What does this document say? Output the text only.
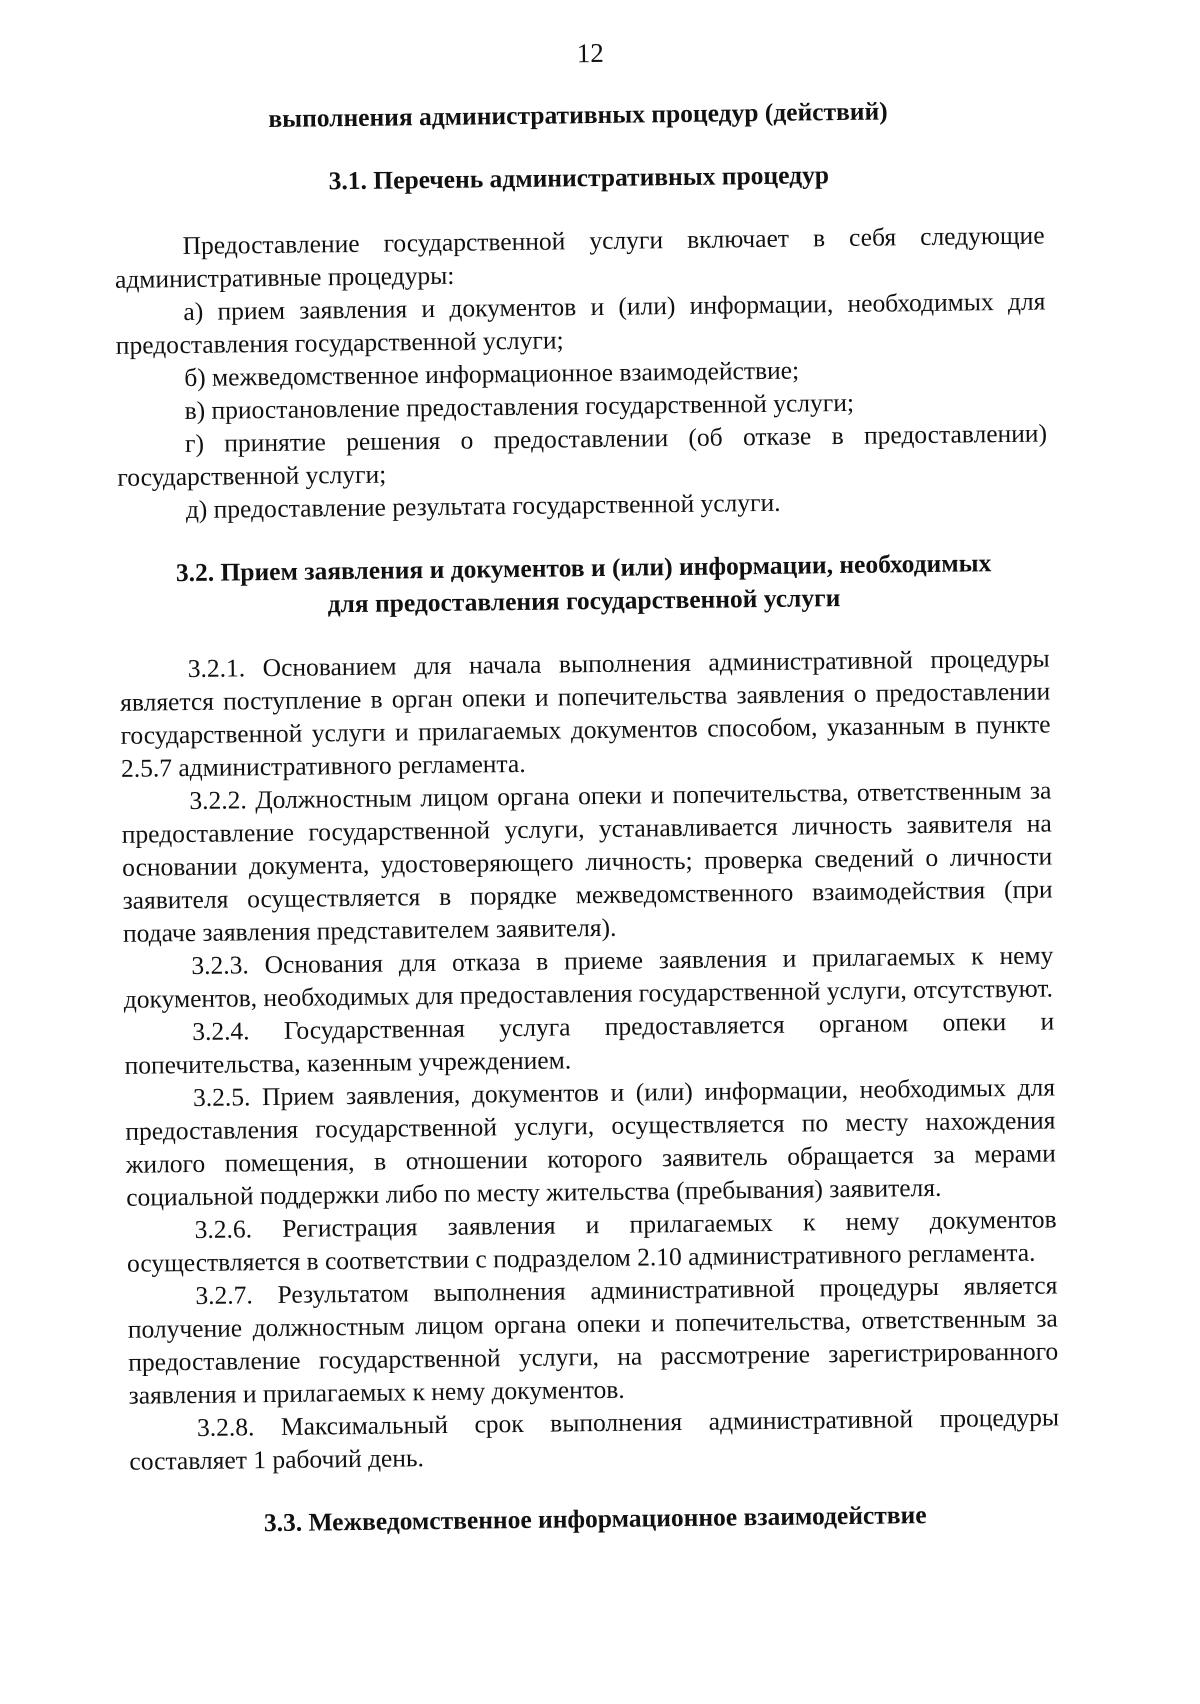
12
выполнения административных процедур (действий)
3.1. Перечень административных процедур

Предоставление государственной услуги включает в себя следующие административные процедуры:

а) прием заявления и документов и (или) информации, необходимых для предоставления государственной услуги;

б) межведомственное информационное взаимодействие;

в) приостановление предоставления государственной услуги;

г) принятие решения о предоставлении (об отказе в предоставлении) государственной услуги;

д) предоставление результата государственной услуги.

3.2. Прием заявления и документов и (или) информации, необходимых
для предоставления государственной услуги

3.2.1. Основанием для начала выполнения административной процедуры является поступление в орган опеки и попечительства заявления о предоставлении государственной услуги и прилагаемых документов способом, указанным в пункте 2.5.7 административного регламента.

3.2.2. Должностным лицом органа опеки и попечительства, ответственным за предоставление государственной услуги, устанавливается личность заявителя на основании документа, удостоверяющего личность; проверка сведений о личности заявителя осуществляется в порядке межведомственного взаимодействия (при подаче заявления представителем заявителя).

3.2.3. Основания для отказа в приеме заявления и прилагаемых к нему документов, необходимых для предоставления государственной услуги, отсутствуют.

3.2.4. Государственная услуга предоставляется органом опеки и попечительства, казенным учреждением.

3.2.5. Прием заявления, документов и (или) информации, необходимых для предоставления государственной услуги, осуществляется по месту нахождения жилого помещения, в отношении которого заявитель обращается за мерами социальной поддержки либо по месту жительства (пребывания) заявителя.

3.2.6. Регистрация заявления и прилагаемых к нему документов осуществляется в соответствии с подразделом 2.10 административного регламента.

3.2.7. Результатом выполнения административной процедуры является получение должностным лицом органа опеки и попечительства, ответственным за предоставление государственной услуги, на рассмотрение зарегистрированного заявления и прилагаемых к нему документов.

3.2.8. Максимальный срок выполнения административной процедуры составляет 1 рабочий день.

3.3. Межведомственное информационное взаимодействие
